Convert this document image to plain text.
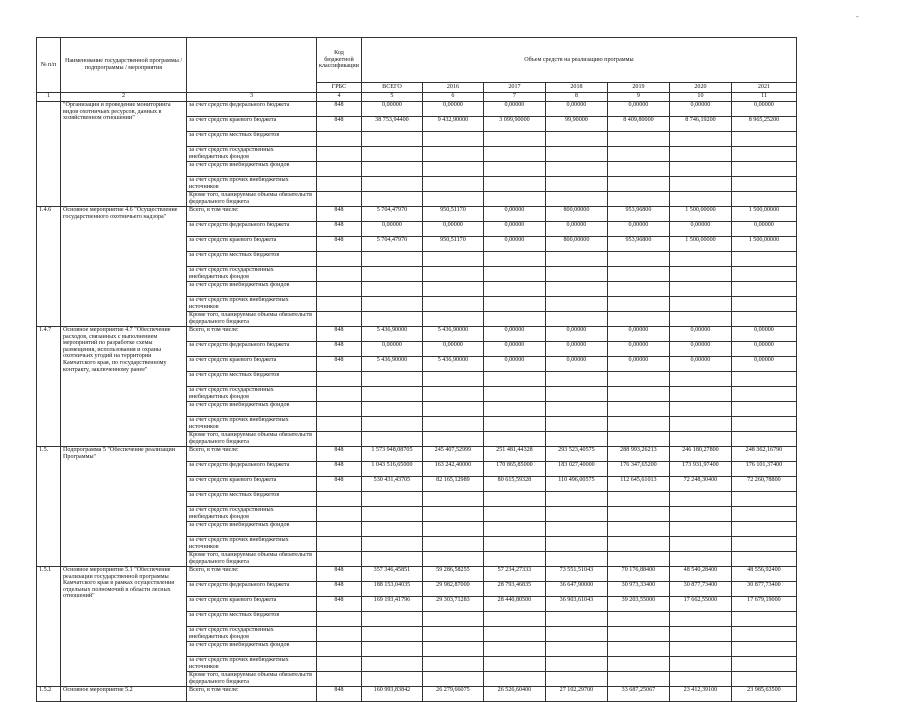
№ п/п	Наименование государственной программы / подпрограммы / мероприятия		Код бюджетной классификации	Объем средств на реализацию программы						
			ГРБС	ВСЕГО	2016	2017	2018	2019	2020	2021
1	2	3	4	5	6	7	8	9	10	11
	"Организация и проведение мониторинга видов охотничьих ресурсов, данных в хозяйственном отношении"	за счет средств федерального бюджета	848	0,00000	0,00000	0,00000	0,00000	0,00000	0,00000	0,00000
		за счет средств краевого бюджета	848	38 753,94400	9 432,90000	3 099,90000	99,90000	8 409,80000	8 746,19200	8 965,25200
		за счет средств местных бюджетов								
		за счет средств государственных внебюджетных фондов								
		за счет средств внебюджетных фондов								
		за счет средств прочих внебюджетных источников								
		Кроме того, планируемые объемы обязательств федерального бюджета								
1.4.6	Основное мероприятие 4.6 "Осуществление государственного охотничьего надзора"	Всего, в том числе:	848	5 704,47970	950,51170	0,00000	800,00000	953,96800	1 500,00000	1 500,00000
		за счет средств федерального бюджета	848	0,00000	0,00000	0,00000	0,00000	0,00000	0,00000	0,00000
		за счет средств краевого бюджета	848	5 704,47970	950,51170	0,00000	800,00000	953,96800	1 500,00000	1 500,00000
		за счет средств местных бюджетов								
		за счет средств государственных внебюджетных фондов								
		за счет средств внебюджетных фондов								
		за счет средств прочих внебюджетных источников								
		Кроме того, планируемые объемы обязательств федерального бюджета								
1.4.7	Основное мероприятие 4.7 "Обеспечение расходов, связанных с выполнением мероприятий по разработке схемы размещения, использования и охраны охотничьих угодий на территории Камчатского края, по государственному контракту, заключенному ранее"	Всего, в том числе:	848	5 436,90000	5 436,90000	0,00000	0,00000	0,00000	0,00000	0,00000
		за счет средств федерального бюджета	848	0,00000	0,00000	0,00000	0,00000	0,00000	0,00000	0,00000
		за счет средств краевого бюджета	848	5 436,90000	5 436,90000	0,00000	0,00000	0,00000	0,00000	0,00000
		за счет средств местных бюджетов								
		за счет средств государственных внебюджетных фондов								
		за счет средств внебюджетных фондов								
		за счет средств прочих внебюджетных источников								
		Кроме того, планируемые объемы обязательств федерального бюджета								
1.5.	Подпрограмма 5 "Обеспечение реализации Программы"	Всего, в том числе:	848	1 573 948,08705	245 407,52999	251 481,44328	293 523,40575	288 993,26213	246 180,27800	248 362,16790
		за счет средств федерального бюджета	848	1 043 516,65000	163 242,40000	170 865,85000	183 027,40000	176 347,65200	173 931,97400	176 101,37400
		за счет средств краевого бюджета	848	530 431,43705	82 165,12989	80 615,59328	110 496,00575	112 645,61013	72 248,30400	72 260,78800
		за счет средств местных бюджетов								
		за счет средств государственных внебюджетных фондов								
		за счет средств внебюджетных фондов								
		за счет средств прочих внебюджетных источников								
		Кроме того, планируемые объемы обязательств федерального бюджета								
1.5.1	Основное мероприятие 5.1 "Обеспечение реализации государственной программы Камчатского края в рамках осуществления отдельных полномочий в области лесных отношений"	Всего, в том числе:	848	357 346,45851	59 286,58255	57 234,27333	73 551,51043	70 176,88400	48 540,28400	48 556,92400
		за счет средств федерального бюджета	848	188 153,04035	29 982,87000	28 793,46835	36 647,90000	30 973,33400	30 877,73400	30 877,73400
		за счет средств краевого бюджета	848	169 193,41796	29 303,71283	28 440,80500	36 903,61043	39 203,55000	17 662,55000	17 679,19000
		за счет средств местных бюджетов								
		за счет средств государственных внебюджетных фондов								
		за счет средств внебюджетных фондов								
		за счет средств прочих внебюджетных источников								
		Кроме того, планируемые объемы обязательств федерального бюджета								
1.5.2	Основное мероприятие 5.2	Всего, в том числе:	848	160 993,83842	26 279,66075	26 526,60400	27 102,29700	33 687,25067	23 412,39100	23 985,63500
-
